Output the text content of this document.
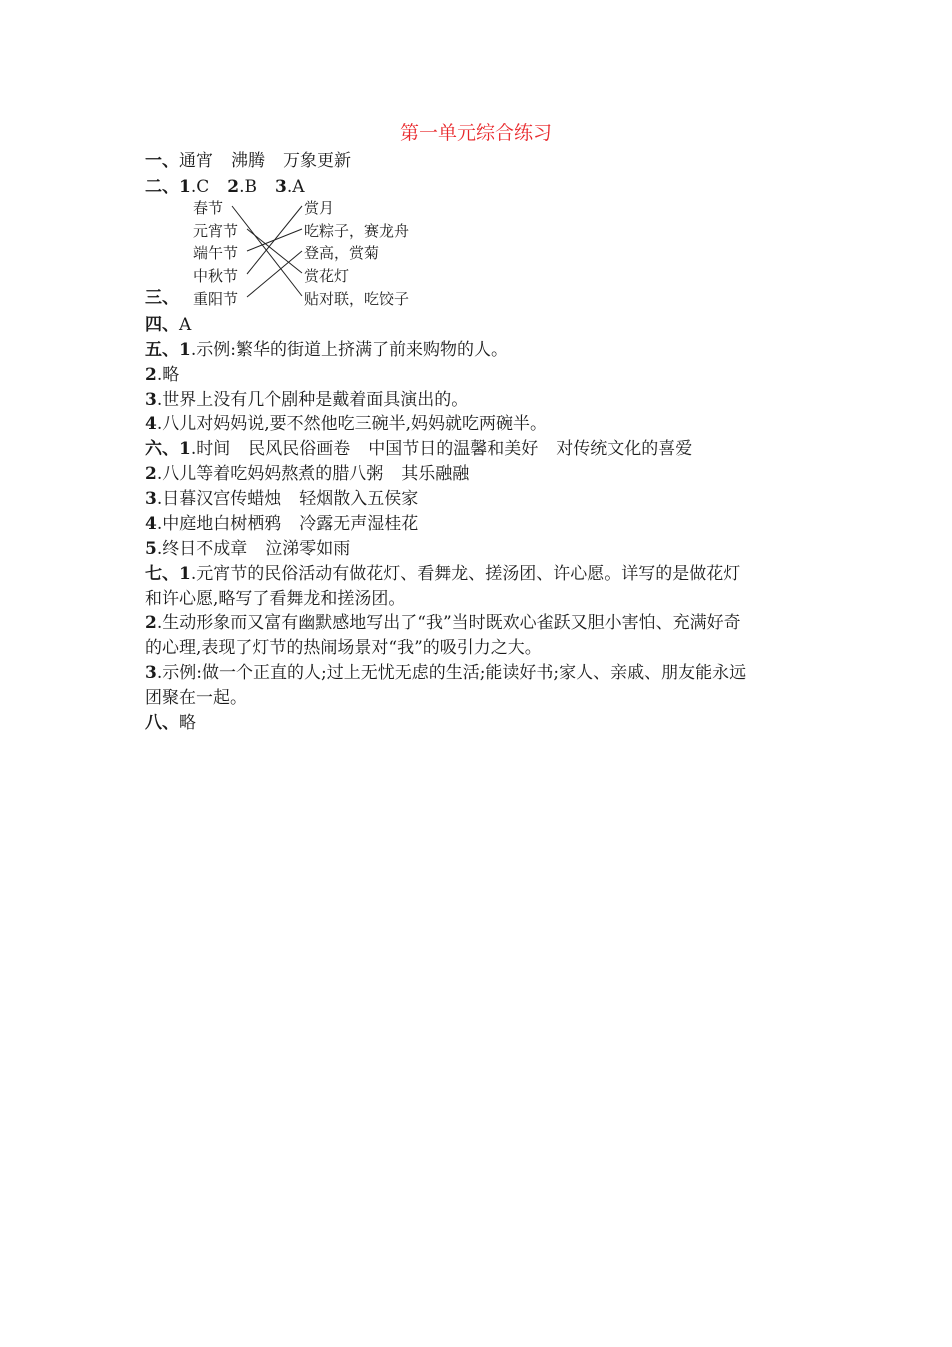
第一单元综合练习
一、通宵 沸腾 万象更新
二、1.C 2.B 3.A
三、
春节
元宵节
端午节
中秋节
重阳节
赏月
吃粽子，赛龙舟
登高，赏菊
赏花灯
贴对联，吃饺子
四、A
五、1.示例:繁华的街道上挤满了前来购物的人。
2.略
3.世界上没有几个剧种是戴着面具演出的。
4.八儿对妈妈说,要不然他吃三碗半,妈妈就吃两碗半。
六、1.时间 民风民俗画卷 中国节日的温馨和美好 对传统文化的喜爱
2.八儿等着吃妈妈熬煮的腊八粥 其乐融融
3.日暮汉宫传蜡烛 轻烟散入五侯家
4.中庭地白树栖鸦 冷露无声湿桂花
5.终日不成章 泣涕零如雨
七、1.元宵节的民俗活动有做花灯、看舞龙、搓汤团、许心愿。详写的是做花灯
和许心愿,略写了看舞龙和搓汤团。
2.生动形象而又富有幽默感地写出了“我”当时既欢心雀跃又胆小害怕、充满好奇
的心理,表现了灯节的热闹场景对“我”的吸引力之大。
3.示例:做一个正直的人;过上无忧无虑的生活;能读好书;家人、亲戚、朋友能永远
团聚在一起。
八、略
